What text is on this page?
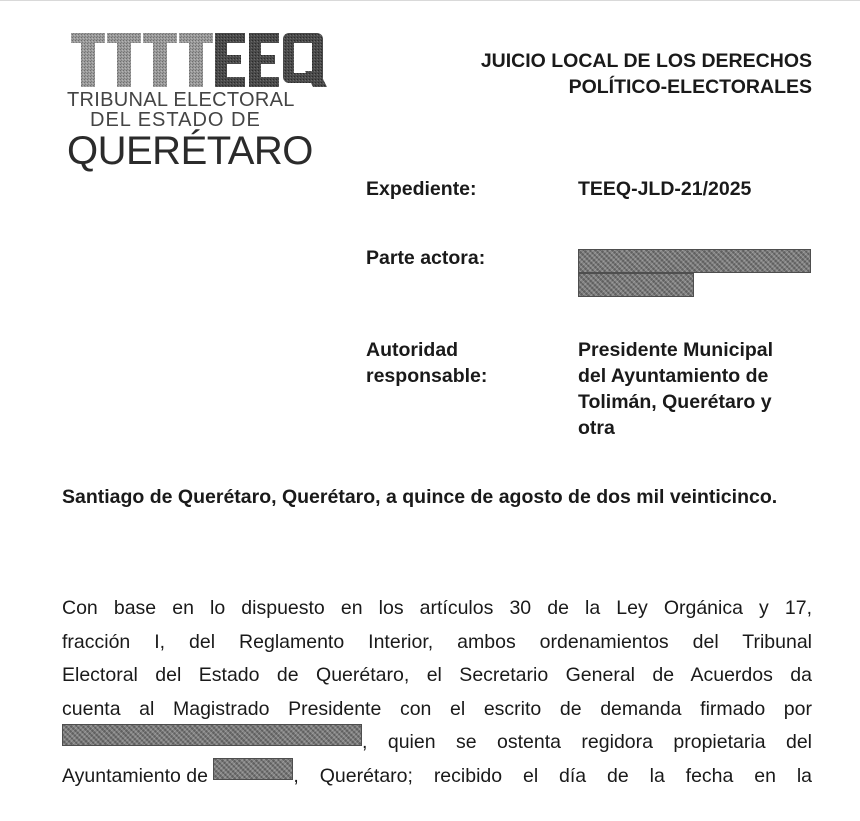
TRIBUNAL ELECTORAL
DEL ESTADO DE
QUERÉTARO
JUICIO LOCAL DE LOS DERECHOS
POLÍTICO-ELECTORALES
Expediente:	TEEQ-JLD-21/2025
Parte actora:
Autoridad
responsable:
Presidente Municipal
del Ayuntamiento de
Tolimán, Querétaro y
otra
Santiago de Querétaro, Querétaro, a quince de agosto de dos mil veinticinco.
Con base en lo dispuesto en los artículos 30 de la Ley Orgánica y 17,
fracción I, del Reglamento Interior, ambos ordenamientos del Tribunal
Electoral del Estado de Querétaro, el Secretario General de Acuerdos da
cuenta al Magistrado Presidente con el escrito de demanda firmado por
, quien se ostenta regidora propietaria del
Ayuntamiento de	, Querétaro; recibido el día de la fecha en la
